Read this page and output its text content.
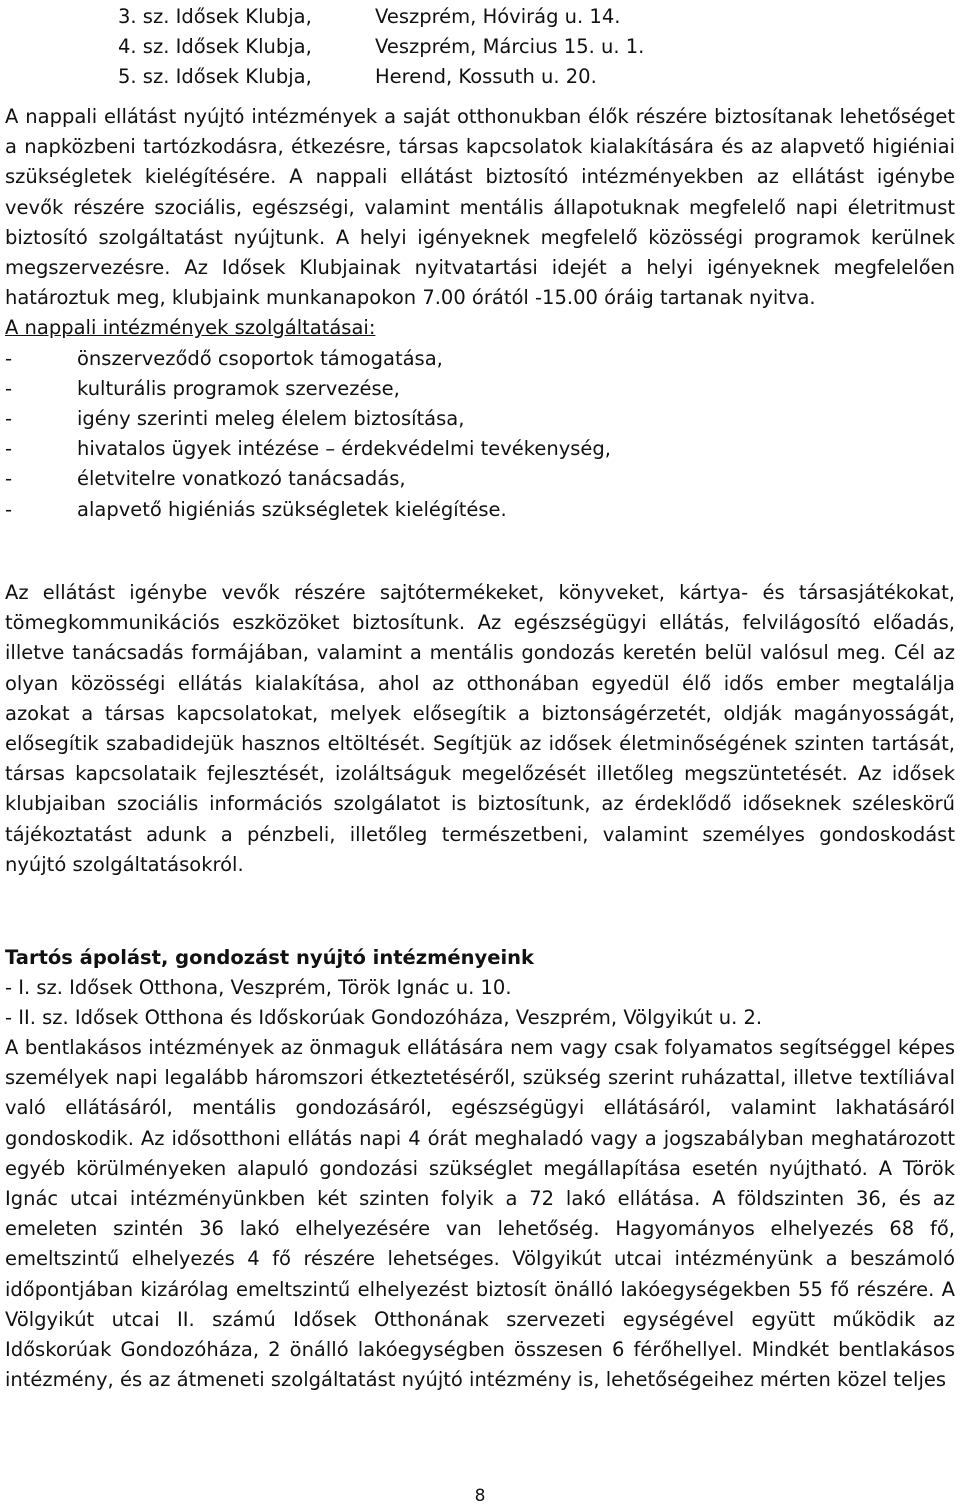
3. sz. Idősek Klubja,	Veszprém, Hóvirág u. 14.
4. sz. Idősek Klubja,	Veszprém, Március 15. u. 1.
5. sz. Idősek Klubja,	Herend, Kossuth u. 20.

A nappali ellátást nyújtó intézmények a saját otthonukban élők részére biztosítanak lehetőséget a napközbeni tartózkodásra, étkezésre, társas kapcsolatok kialakítására és az alapvető higiéniai szükségletek kielégítésére. A nappali ellátást biztosító intézményekben az ellátást igénybe vevők részére szociális, egészségi, valamint mentális állapotuknak megfelelő napi életritmust biztosító szolgáltatást nyújtunk. A helyi igényeknek megfelelő közösségi programok kerülnek megszervezésre. Az Idősek Klubjainak nyitvatartási idejét a helyi igényeknek megfelelően határoztuk meg, klubjaink munkanapokon 7.00 órától -15.00 óráig tartanak nyitva.

A nappali intézmények szolgáltatásai:
-	önszerveződő csoportok támogatása,
-	kulturális programok szervezése,
-	igény szerinti meleg élelem biztosítása,
-	hivatalos ügyek intézése – érdekvédelmi tevékenység,
-	életvitelre vonatkozó tanácsadás,
-	alapvető higiéniás szükségletek kielégítése.

Az ellátást igénybe vevők részére sajtótermékeket, könyveket, kártya- és társasjátékokat, tömegkommunikációs eszközöket biztosítunk. Az egészségügyi ellátás, felvilágosító előadás, illetve tanácsadás formájában, valamint a mentális gondozás keretén belül valósul meg. Cél az olyan közösségi ellátás kialakítása, ahol az otthonában egyedül élő idős ember megtalálja azokat a társas kapcsolatokat, melyek elősegítik a biztonságérzetét, oldják magányosságát, elősegítik szabadidejük hasznos eltöltését. Segítjük az idősek életminőségének szinten tartását, társas kapcsolataik fejlesztését, izoláltságuk megelőzését illetőleg megszüntetését. Az idősek klubjaiban szociális információs szolgálatot is biztosítunk, az érdeklődő időseknek széleskörű tájékoztatást adunk a pénzbeli, illetőleg természetbeni, valamint személyes gondoskodást nyújtó szolgáltatásokról.

Tartós ápolást, gondozást nyújtó intézményeink
- I. sz. Idősek Otthona, Veszprém, Török Ignác u. 10.
- II. sz. Idősek Otthona és Időskorúak Gondozóháza, Veszprém, Völgyikút u. 2.

A bentlakásos intézmények az önmaguk ellátására nem vagy csak folyamatos segítséggel képes személyek napi legalább háromszori étkeztetéséről, szükség szerint ruházattal, illetve textíliával való ellátásáról, mentális gondozásáról, egészségügyi ellátásáról, valamint lakhatásáról gondoskodik. Az idősotthoni ellátás napi 4 órát meghaladó vagy a jogszabályban meghatározott egyéb körülményeken alapuló gondozási szükséglet megállapítása esetén nyújtható. A Török Ignác utcai intézményünkben két szinten folyik a 72 lakó ellátása. A földszinten 36, és az emeleten szintén 36 lakó elhelyezésére van lehetőség. Hagyományos elhelyezés 68 fő, emeltszintű elhelyezés 4 fő részére lehetséges. Völgyikút utcai intézményünk a beszámoló időpontjában kizárólag emeltszintű elhelyezést biztosít önálló lakóegységekben 55 fő részére. A Völgyikút utcai II. számú Idősek Otthonának szervezeti egységével együtt működik az Időskorúak Gondozóháza, 2 önálló lakóegységben összesen 6 férőhellyel. Mindkét bentlakásos intézmény, és az átmeneti szolgáltatást nyújtó intézmény is, lehetőségeihez mérten közel teljes

8
